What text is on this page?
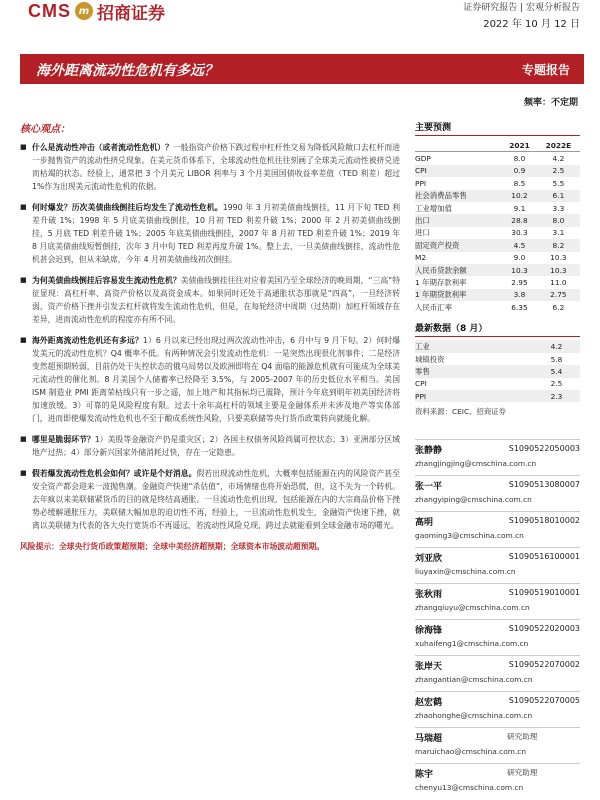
CMS m 招商证券	证券研究报告 | 宏观分析报告
2022 年 10 月 12 日
海外距离流动性危机有多远？	专题报告
频率：不定期
核心观点：
■ 什么是流动性冲击（或者流动性危机）？一般指资产价格下跌过程中杠杆性交易为降低风险敞口去杠杆而进一步抛售资产的流动性挤兑现象。在美元货币体系下，全球流动性危机往往刻画了全球美元流动性被挤兑进而枯竭的状态。经验上，通常把 3 个月美元 LIBOR 利率与 3 个月美国国债收益率差值（TED 利差）超过 1%作为出现美元流动性危机的依据。
■ 何时爆发？历次美债曲线倒挂后均发生了流动性危机。1990 年 3 月初美债曲线倒挂，11 月下旬 TED 利差升破 1%；1998 年 5 月底美债曲线倒挂，10 月初 TED 利差升破 1%；2000 年 2 月初美债曲线倒挂，5 月底 TED 利差升破 1%；2005 年底美债曲线倒挂，2007 年 8 月初 TED 利差升破 1%；2019 年 8 月底美债曲线短暂倒挂，次年 3 月中旬 TED 利差再度升破 1%。整上去，一旦美债曲线倒挂，流动性危机甚会迟到，但从未缺席，今年 4 月初美债曲线初次倒挂。
■ 为何美债曲线倒挂后容易发生流动性危机？美债曲线倒挂往往对应着美国乃至全球经济的晚周期，“三高”特征显现：高杠杆率、高资产价格以及高资金成本。如果同时还处于高通胀状态那就是“四高”，一旦经济转弱，资产价格下挫并引发去杠杆就将发生流动性危机，但是，在每轮经济中周期（过热期）加杠杆领域存在差异，进而流动性危机的程度亦有所不同。
■ 海外距离流动性危机还有多远？1）6 月以来已经出现过两次流动性冲击，6 月中与 9 月下旬。2）何时爆发美元的流动性危机？Q4 概率不低。有两种情况会引发流动性危机：一是突然出现很化剂事件；二是经济变然超预期转弱，目前仍处于失控状态的俄乌局势以及欧洲即将在 Q4 面临的能源危机就有可能成为全球美元流动性的催化剂。8 月美国个人储蓄率已经降至 3.5%，与 2005-2007 年的历史低位水平相当。美国 ISM 制造业 PMI 距离荣枯线只有一步之遥，加上地产和其指标均已震降，预计今年底到明年初美国经济将加速放缓。3）可靠的是风险程度有限。过去十余年高杠杆的领域主要是金融体系并未涉及地产等实体部门，进而即使爆发流动性危机也不至于酿成系统性风险，只要美联储等央行货币政策转向就能化解。
■ 哪里是脆弱环节？1）美股等金融资产仍是重灾区；2）各国主权债务风险尚属可控状态；3）亚洲部分区域地产过热；4）部分新兴国家外储消耗过快，存在一定隐患。
■ 假若爆发流动性危机会如何？或许是个好消息。假若出现流动性危机，大概率包括能源在内的风险资产甚至安全资产都会迎来一波抛售潮。金融资产快速“杀估值”，市场情绪也将开始恐慌，但，这不失为一个转机。去年疯以来美联储紧货币的目的就是终结高通胀。一旦流动性危机出现，包括能源在内的大宗商品价格下挫势必缓解通胀压力，美联储大幅加息的迫切性不再，经验上，一旦流动性危机发生，金融资产快速下挫，就离以美联储为代表的各大央行宽货币不再遥远，若流动性风险兑现，跨过去就能看到全球金融市场的曙光。
风险提示：全球央行货币政策超预期；全球中美经济超预期；全球资本市场波动超预期。
主要预测
	2021	2022E
GDP	8.0	4.2
CPI	0.9	2.5
PPI	8.5	5.5
社会消费品零售	10.2	6.1
工业增加值	9.1	3.3
出口	28.8	8.0
进口	30.3	3.1
固定资产投资	4.5	8.2
M2	9.0	10.3
人民币贷款余额	10.3	10.3
1 年期存款利率	2.95	11.0
1 年期贷款利率	3.8	2.75
人民币汇率	6.35	6.2
最新数据（8 月）
工业	4.2
城镇投资	5.8
零售	5.4
CPI	2.5
PPI	2.3
资料来源：CEIC、招商证券
张静静	S1090522050003
zhangjingjing@cmschina.com.cn
张一平	S1090513080007
zhangyiping@cmschina.com.cn
高明	S1090518010002
gaoming3@cmschina.com.cn
刘亚欣	S1090516100001
liuyaxin@cmschina.com.cn
张秋雨	S1090519010001
zhangqiuyu@cmschina.com.cn
徐海锋	S1090522020003
xuhaifeng1@cmschina.com.cn
张岸天	S1090522070002
zhangantian@cmschina.com.cn
赵宏鹤	S1090522070005
zhaohonghe@cmschina.com.cn
马瑞超	研究助理
maruichao@cmschina.com.cn
陈宇	研究助理
chenyu13@cmschina.com.cn
